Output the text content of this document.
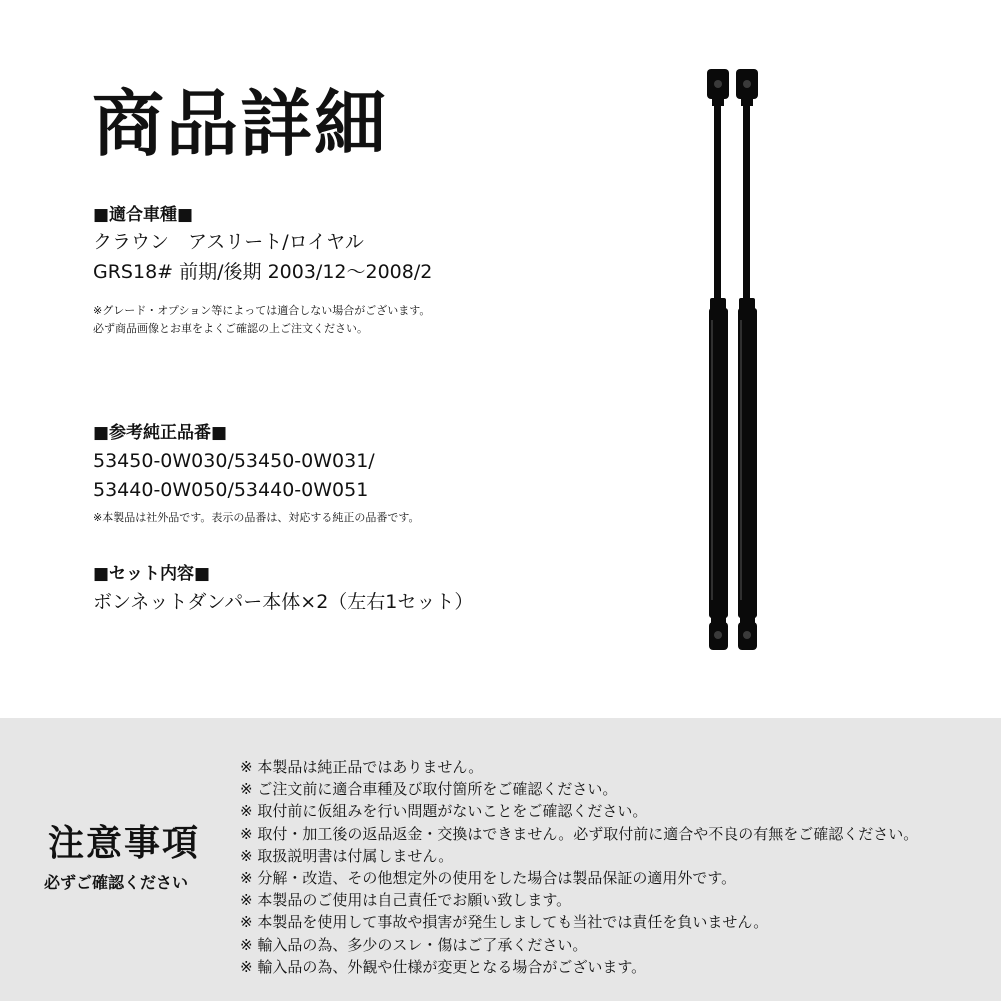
商品詳細

■適合車種■

クラウン　アスリート/ロイヤル

GRS18# 前期/後期 2003/12〜2008/2

※グレード・オプション等によっては適合しない場合がございます。

必ず商品画像とお車をよくご確認の上ご注文ください。

■参考純正品番■

53450-0W030/53450-0W031/

53440-0W050/53440-0W051

※本製品は社外品です。表示の品番は、対応する純正の品番です。

■セット内容■

ボンネットダンパー本体×2（左右1セット）

注意事項

必ずご確認ください

※ 本製品は純正品ではありません。
※ ご注文前に適合車種及び取付箇所をご確認ください。
※ 取付前に仮組みを行い問題がないことをご確認ください。
※ 取付・加工後の返品返金・交換はできません。必ず取付前に適合や不良の有無をご確認ください。
※ 取扱説明書は付属しません。
※ 分解・改造、その他想定外の使用をした場合は製品保証の適用外です。
※ 本製品のご使用は自己責任でお願い致します。
※ 本製品を使用して事故や損害が発生しましても当社では責任を負いません。
※ 輸入品の為、多少のスレ・傷はご了承ください。
※ 輸入品の為、外観や仕様が変更となる場合がございます。
